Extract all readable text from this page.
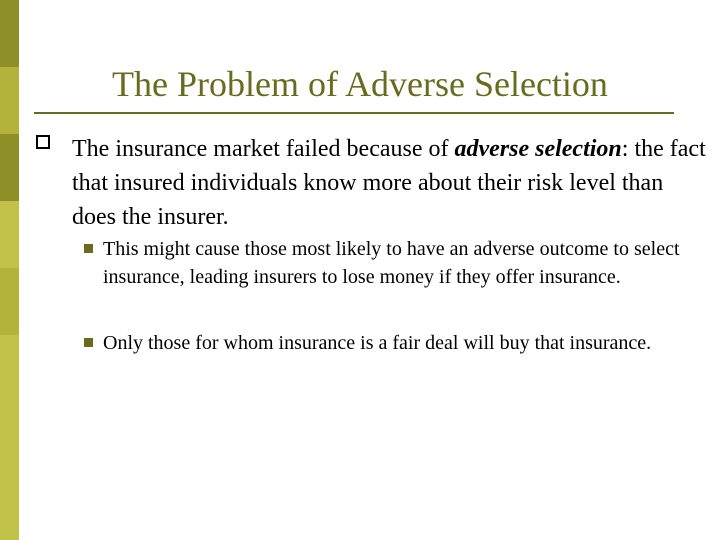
The Problem of Adverse Selection

The insurance market failed because of adverse selection: the fact that insured individuals know more about their risk level than does the insurer.

This might cause those most likely to have an adverse outcome to select insurance, leading insurers to lose money if they offer insurance.

Only those for whom insurance is a fair deal will buy that insurance.
